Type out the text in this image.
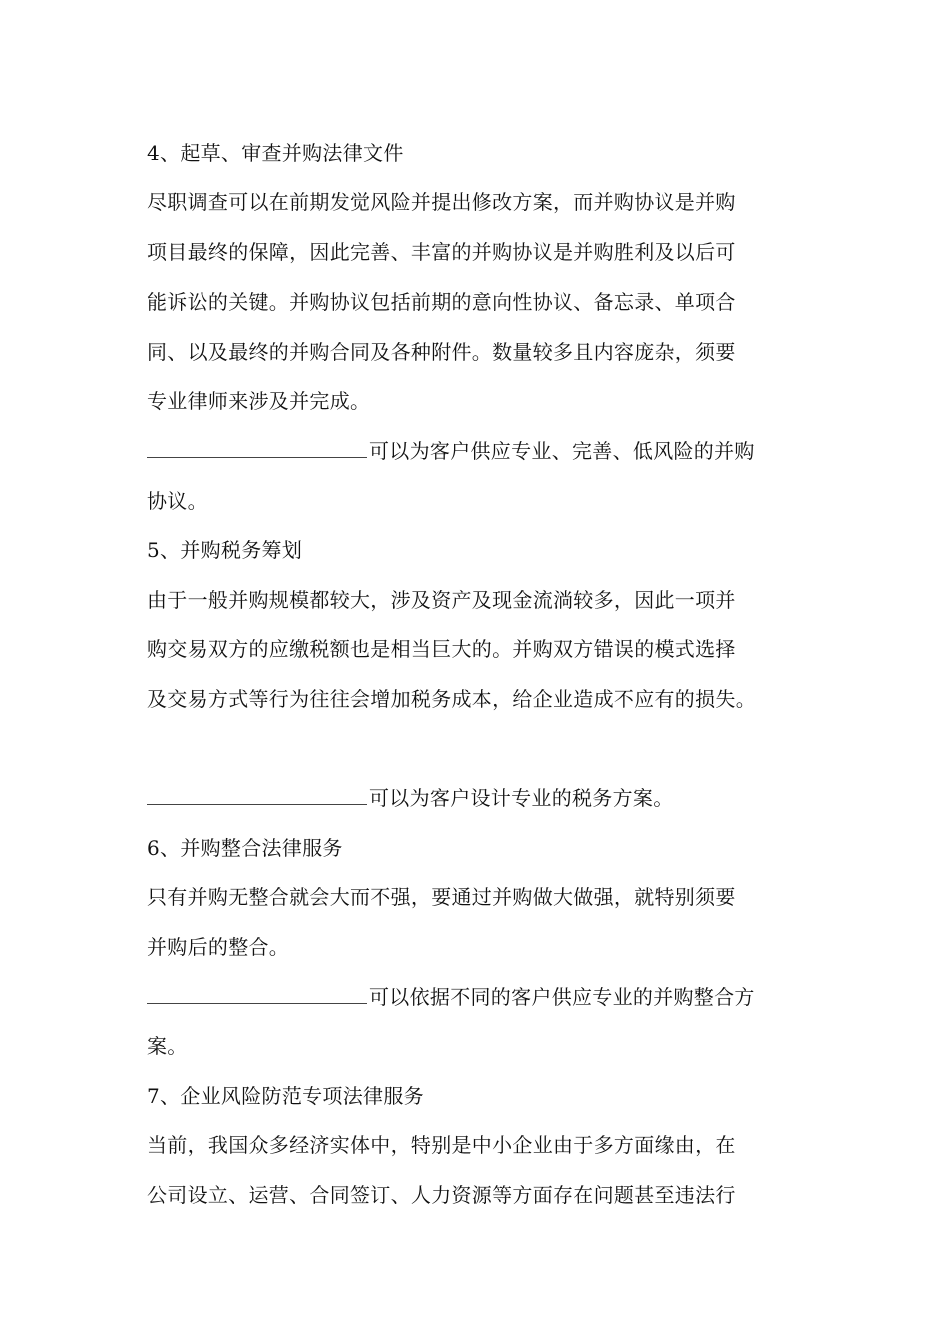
4、起草、审查并购法律文件
尽职调查可以在前期发觉风险并提出修改方案，而并购协议是并购
项目最终的保障，因此完善、丰富的并购协议是并购胜利及以后可
能诉讼的关键。并购协议包括前期的意向性协议、备忘录、单项合
同、以及最终的并购合同及各种附件。数量较多且内容庞杂，须要
专业律师来涉及并完成。
可以为客户供应专业、完善、低风险的并购
协议。
5、并购税务筹划
由于一般并购规模都较大，涉及资产及现金流淌较多，因此一项并
购交易双方的应缴税额也是相当巨大的。并购双方错误的模式选择
及交易方式等行为往往会增加税务成本，给企业造成不应有的损失。
可以为客户设计专业的税务方案。
6、并购整合法律服务
只有并购无整合就会大而不强，要通过并购做大做强，就特别须要
并购后的整合。
可以依据不同的客户供应专业的并购整合方
案。
7、企业风险防范专项法律服务
当前，我国众多经济实体中，特别是中小企业由于多方面缘由，在
公司设立、运营、合同签订、人力资源等方面存在问题甚至违法行
